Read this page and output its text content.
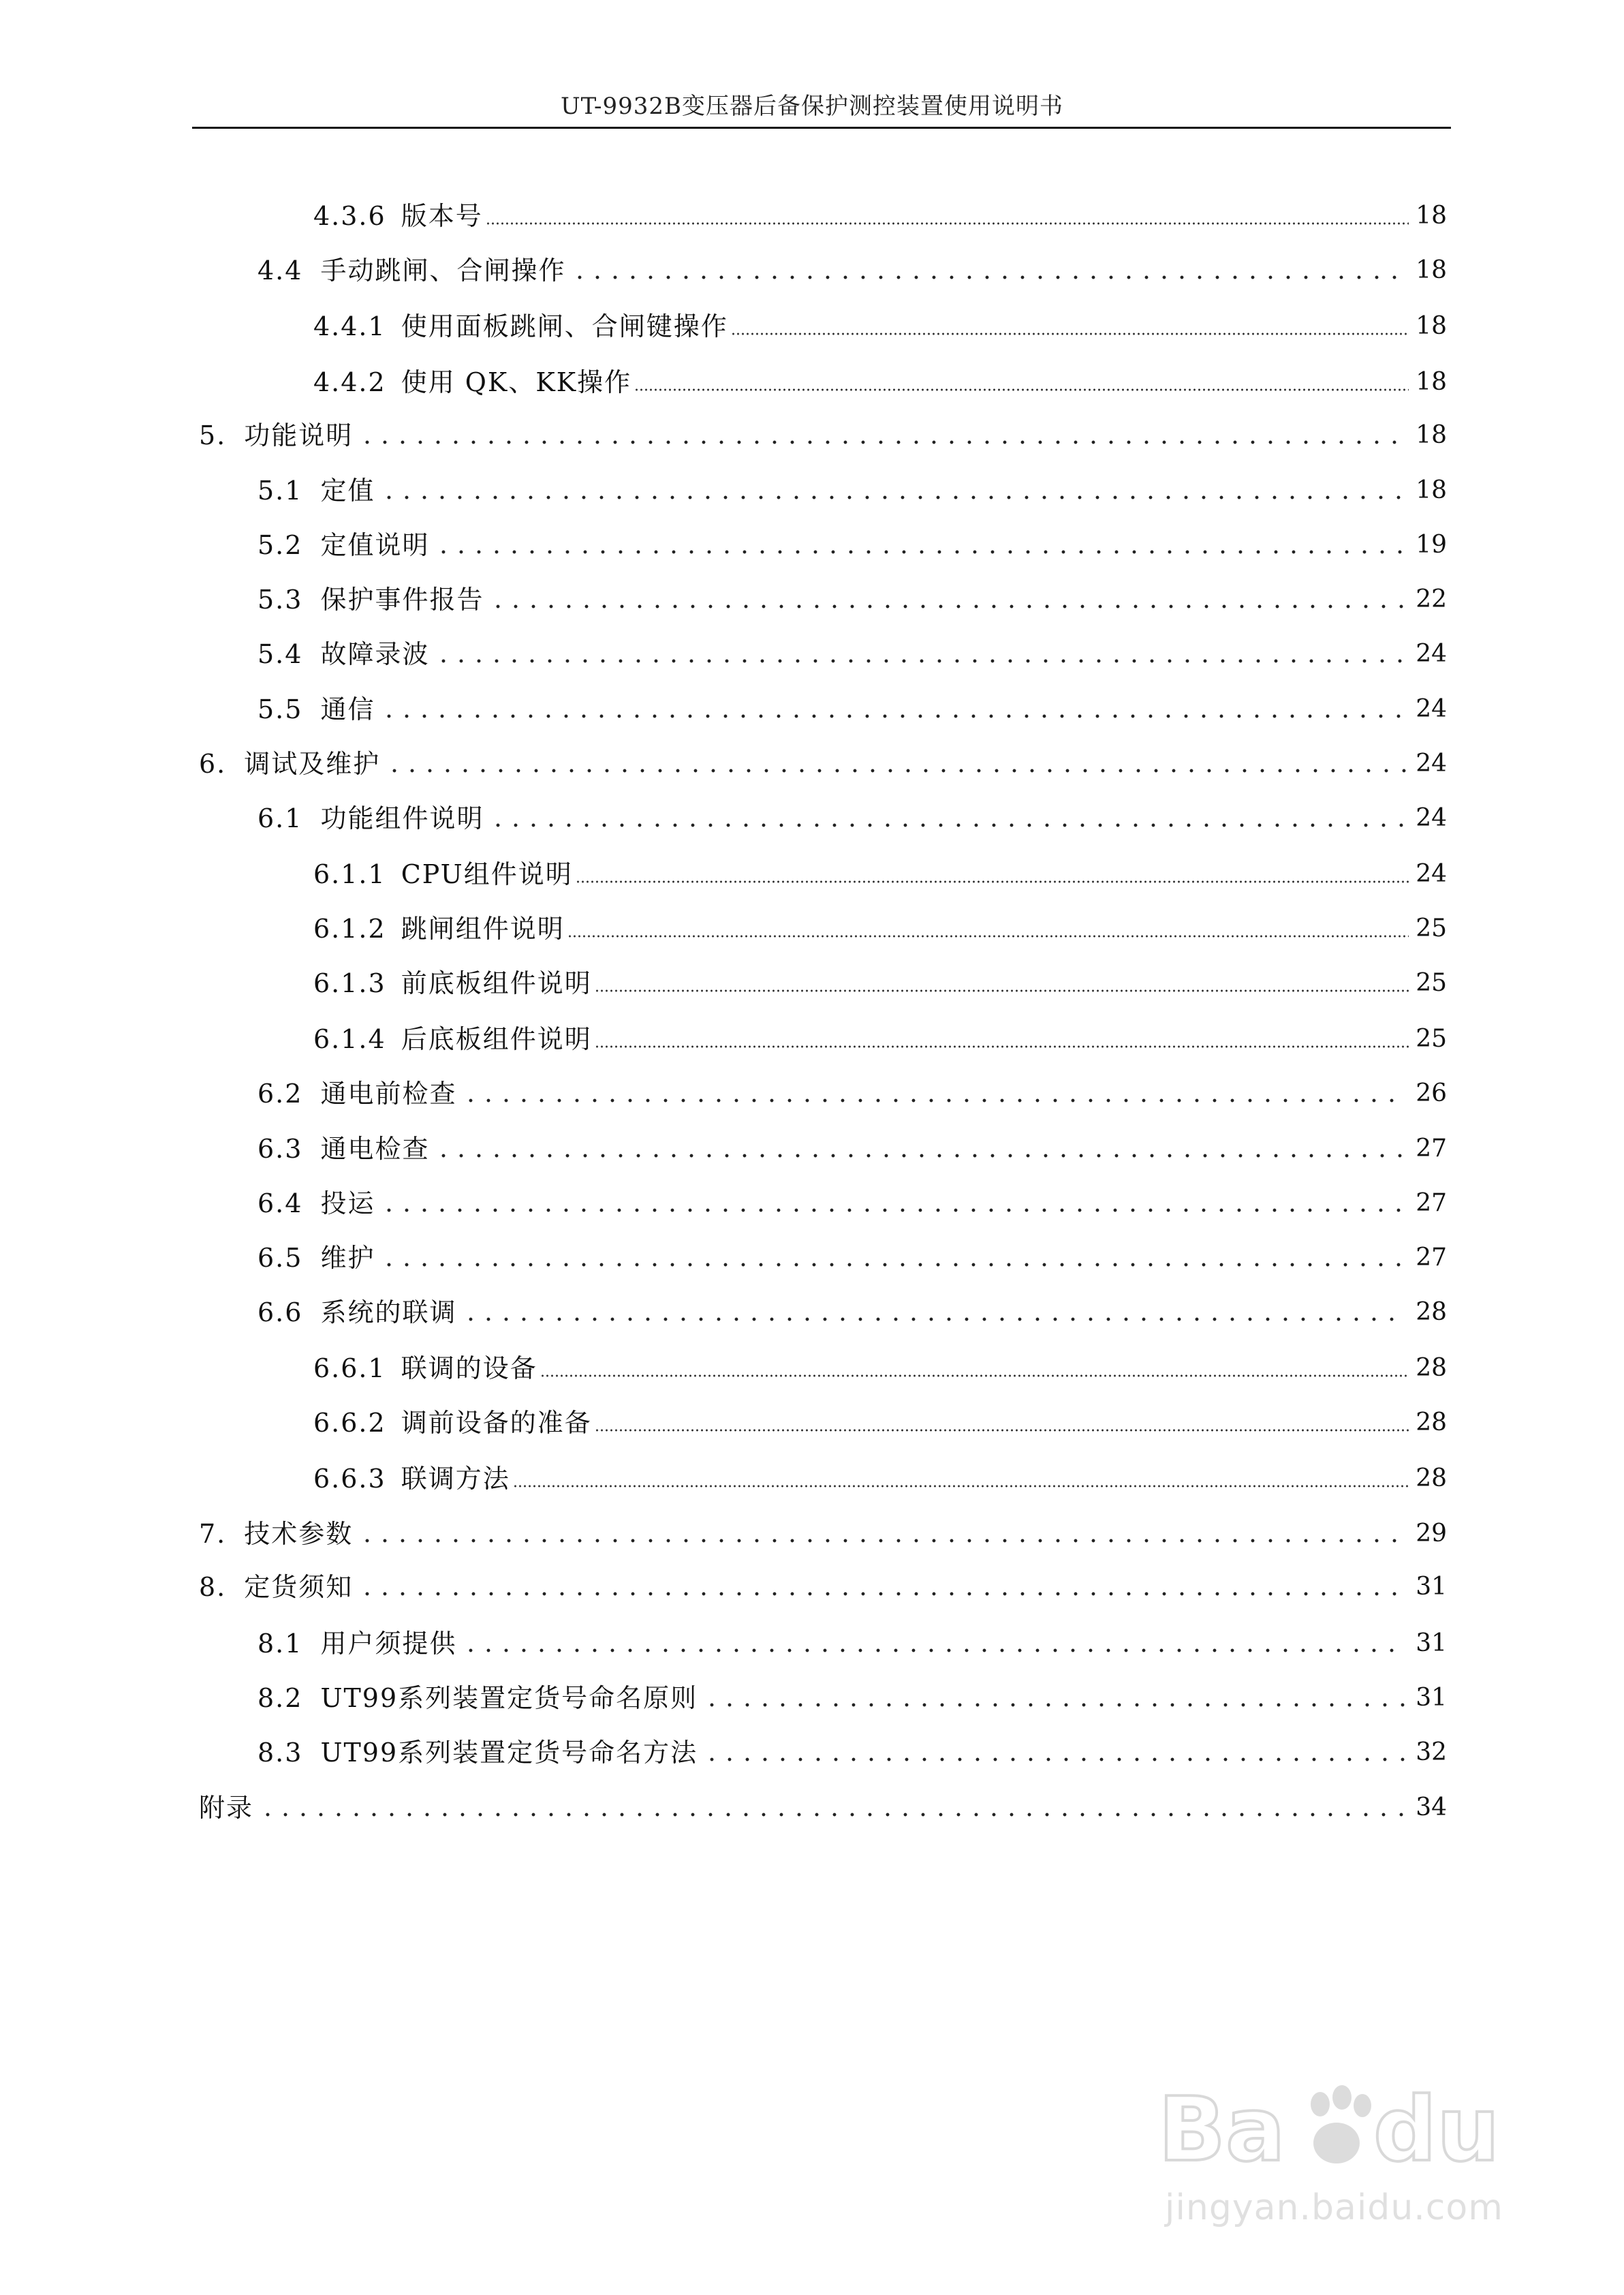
UT-9932B变压器后备保护测控装置使用说明书
4.3.6 版本号	18
4.4 手动跳闸、合闸操作	18
4.4.1 使用面板跳闸、合闸键操作	18
4.4.2 使用 QK、KK操作	18
5. 功能说明	18
5.1 定值	18
5.2 定值说明	19
5.3 保护事件报告	22
5.4 故障录波	24
5.5 通信	24
6. 调试及维护	24
6.1 功能组件说明	24
6.1.1 CPU组件说明	24
6.1.2 跳闸组件说明	25
6.1.3 前底板组件说明	25
6.1.4 后底板组件说明	25
6.2 通电前检查	26
6.3 通电检查	27
6.4 投运	27
6.5 维护	27
6.6 系统的联调	28
6.6.1 联调的设备	28
6.6.2 调前设备的准备	28
6.6.3 联调方法	28
7. 技术参数	29
8. 定货须知	31
8.1 用户须提供	31
8.2 UT99系列装置定货号命名原则	31
8.3 UT99系列装置定货号命名方法	32
附录	34
Ba du
jingyan.baidu.com
